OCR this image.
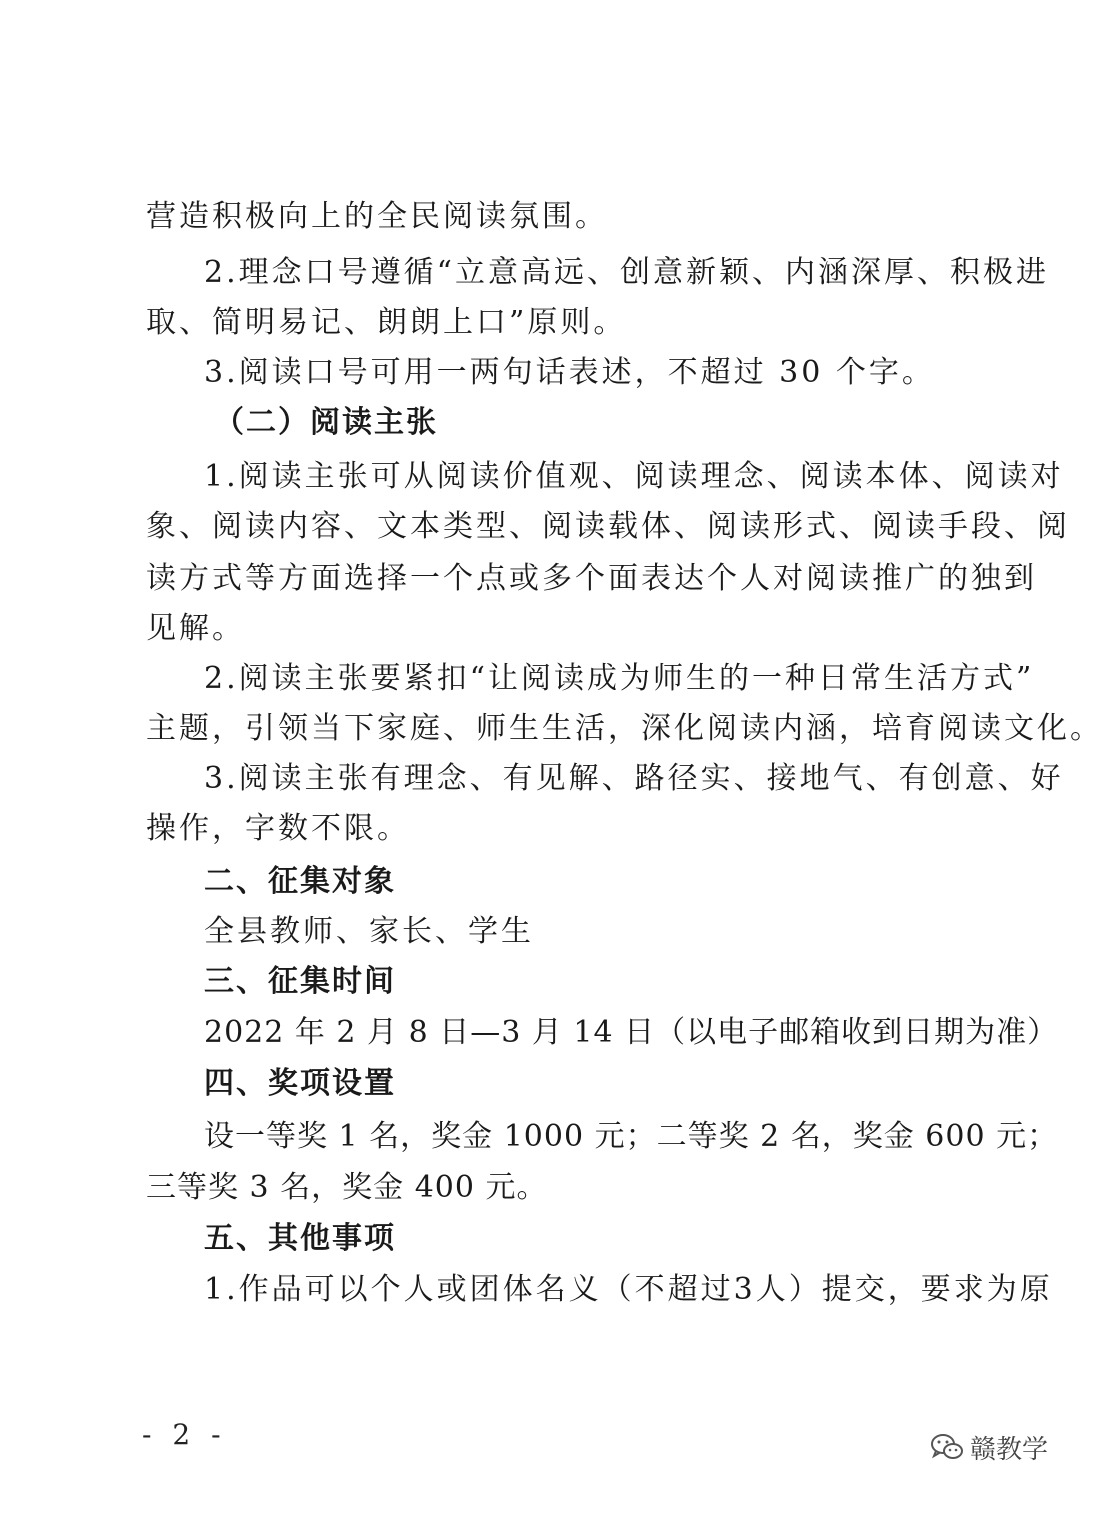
营造积极向上的全民阅读氛围。
2 . 理 念 口 号 遵 循 “ 立 意 高 远 、 创 意 新 颖 、 内 涵 深 厚 、 积 极 进
取、简明易记、朗朗上口”原则。
3.阅读口号可用一两句话表述，不超过 30 个字。
（二）阅读主张
1 . 阅 读 主 张 可 从 阅 读 价 值 观 、 阅 读 理 念 、 阅 读 本 体 、 阅 读 对
象 、 阅 读 内 容 、 文 本 类 型 、 阅 读 载 体 、 阅 读 形 式 、 阅 读 手 段 、 阅
读 方 式 等 方 面 选 择 一 个 点 或 多 个 面 表 达 个 人 对 阅 读 推 广 的 独 到
见解。
2 . 阅 读 主 张 要 紧 扣 “ 让 阅 读 成 为 师 生 的 一 种 日 常 生 活 方 式 ”
主 题 ， 引 领 当 下 家 庭 、 师 生 生 活 ， 深 化 阅 读 内 涵 ， 培 育 阅 读 文 化 。
3 . 阅 读 主 张 有 理 念 、 有 见 解 、 路 径 实 、 接 地 气 、 有 创 意 、 好
操作，字数不限。
二、征集对象
全县教师、家长、学生
三、征集时间
2022 年 2 月 8 日—3 月 14 日（以电子邮箱收到日期为准）
四、奖项设置
设一等奖 1 名，奖金 1000 元；二等奖 2 名，奖金 600 元；
三等奖 3 名，奖金 400 元。
五、其他事项
1 . 作 品 可 以 个 人 或 团 体 名 义 （ 不 超 过 3 人 ） 提 交 ， 要 求 为 原
- 2 -	赣教学
